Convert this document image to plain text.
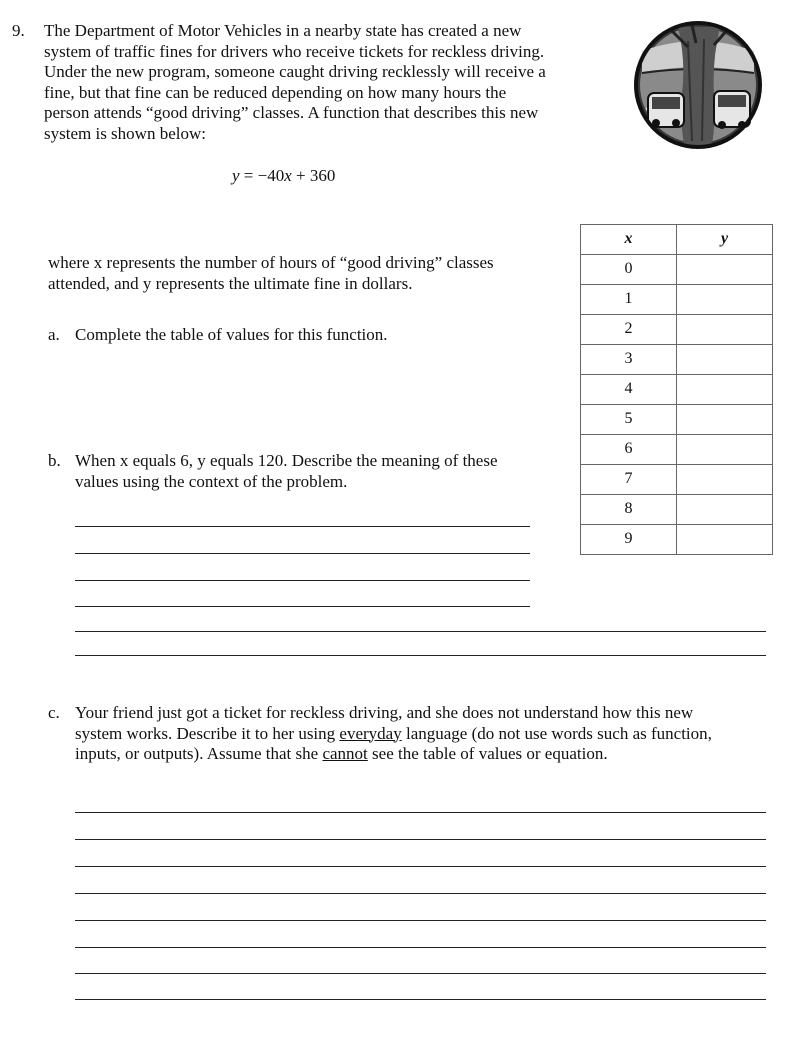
9. The Department of Motor Vehicles in a nearby state has created a new
system of traffic fines for drivers who receive tickets for reckless driving.
Under the new program, someone caught driving recklessly will receive a
fine, but that fine can be reduced depending on how many hours the
person attends “good driving” classes. A function that describes this new
system is shown below:
y = −40x + 360
where x represents the number of hours of “good driving” classes
attended, and y represents the ultimate fine in dollars.
a. Complete the table of values for this function.
b. When x equals 6, y equals 120. Describe the meaning of these
values using the context of the problem.
c. Your friend just got a ticket for reckless driving, and she does not understand how this new
system works. Describe it to her using everyday language (do not use words such as function,
inputs, or outputs). Assume that she cannot see the table of values or equation.
x	y
0	
1	
2	
3	
4	
5	
6	
7	
8	
9	
